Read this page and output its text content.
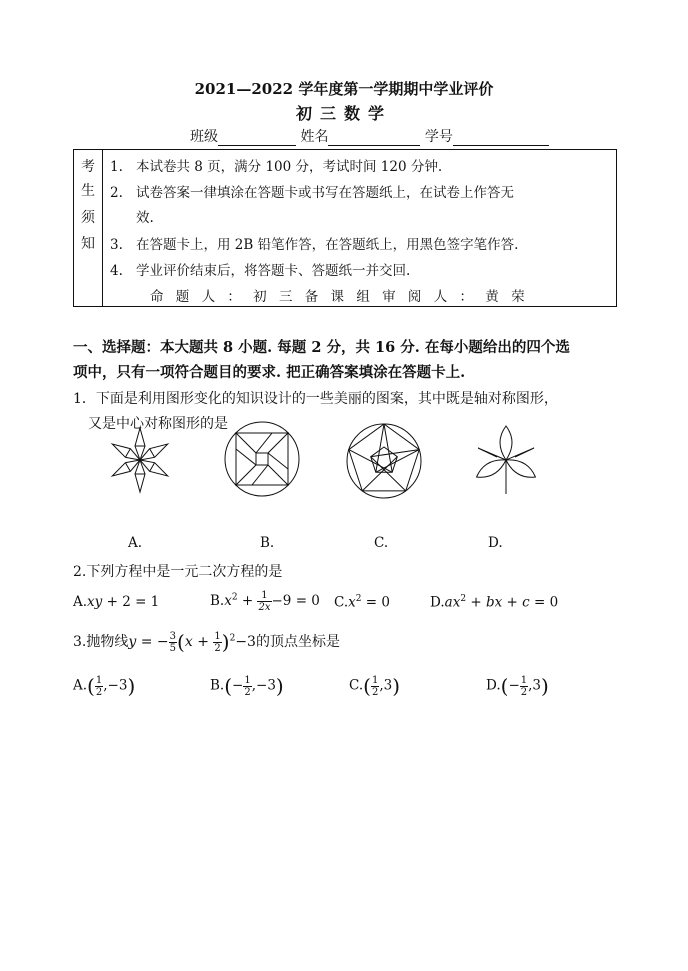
2021—2022 学年度第一学期期中学业评价
初三数学
班级	姓名	学号
考
生
须
知
1. 本试卷共 8 页，满分 100 分，考试时间 120 分钟.
2. 试卷答案一律填涂在答题卡或书写在答题纸上，在试卷上作答无
效.
3. 在答题卡上，用 2B 铅笔作答，在答题纸上，用黑色签字笔作答.
4. 学业评价结束后，将答题卡、答题纸一并交回.
命 题 人 ： 初 三 备 课 组 审 阅 人 ： 黄 荣
一、选择题：本大题共 8 小题. 每题 2 分，共 16 分. 在每小题给出的四个选
项中，只有一项符合题目的要求. 把正确答案填涂在答题卡上.
1．下面是利用图形变化的知识设计的一些美丽的图案，其中既是轴对称图形，
又是中心对称图形的是
A.	B.	C.	D.
2.下列方程中是一元二次方程的是
A.xy + 2 = 1	$B.x^2 + \frac{1}{2x} -9 = 0$ $C.x^2 = 0$	$D.ax^2$ + bx + c = 0
3.抛物线y = − $\frac{3}{5} (x + \frac{1}{2} )^2-3$的顶点坐标是
$A.( \frac{1}{2} ,-3)$	$B.(- \frac{1}{2} ,-3)$	$C.( \frac{1}{2} ,3)$	$D.(- \frac{1}{2} ,3)$
